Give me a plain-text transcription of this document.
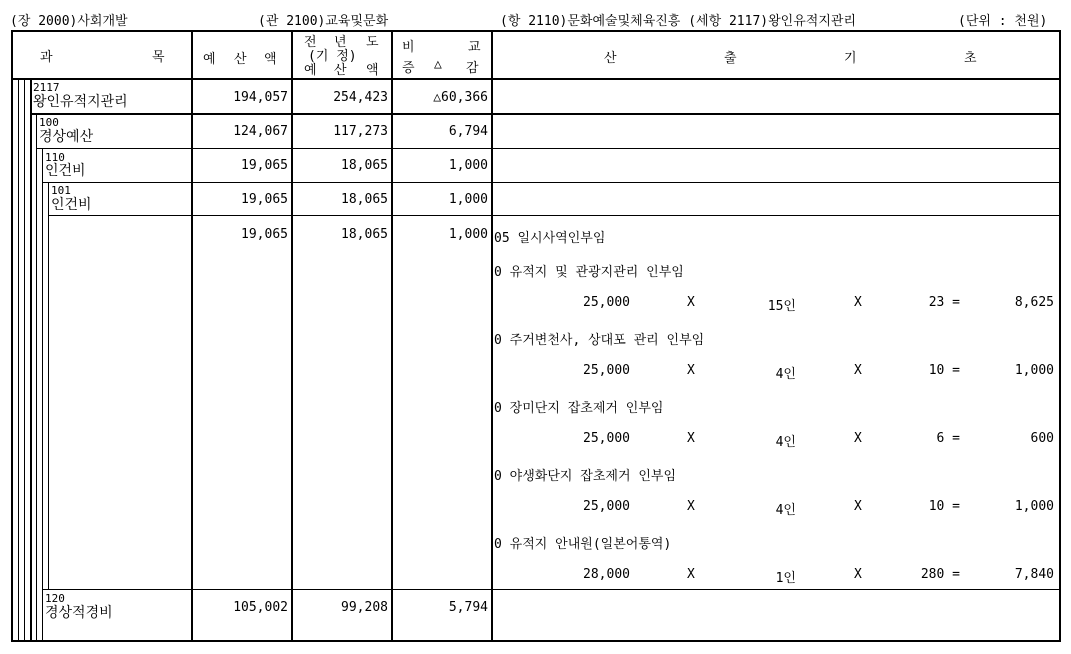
(장 2000)사회개발	(관 2100)교육및문화	(항 2110)문화예술및체육진흥 (세항 2117)왕인유적지관리	(단위 : 천원)
과	목	예 산 액
전 년 도
(기 정)
예 산 액
비	교
증 △ 감
산	출	기	초
2117
왕인유적지관리	194,057	254,423	△60,366
100
경상예산	124,067	117,273	6,794
110
인건비	19,065	18,065	1,000
101
인건비	19,065	18,065	1,000
19,065	18,065	1,000 05 일시사역인부임
0 유적지 및 관광지관리 인부임
25,000	X	15인	X	23 =	8,625
0 주거변천사, 상대포 관리 인부임
25,000	X	4인	X	10 =	1,000
0 장미단지 잡초제거 인부임
25,000	X	4인	X	6 =	600
0 야생화단지 잡초제거 인부임
25,000	X	4인	X	10 =	1,000
0 유적지 안내원(일본어통역)
28,000	X	1인	X	280 =	7,840
120
경상적경비	105,002	99,208	5,794
